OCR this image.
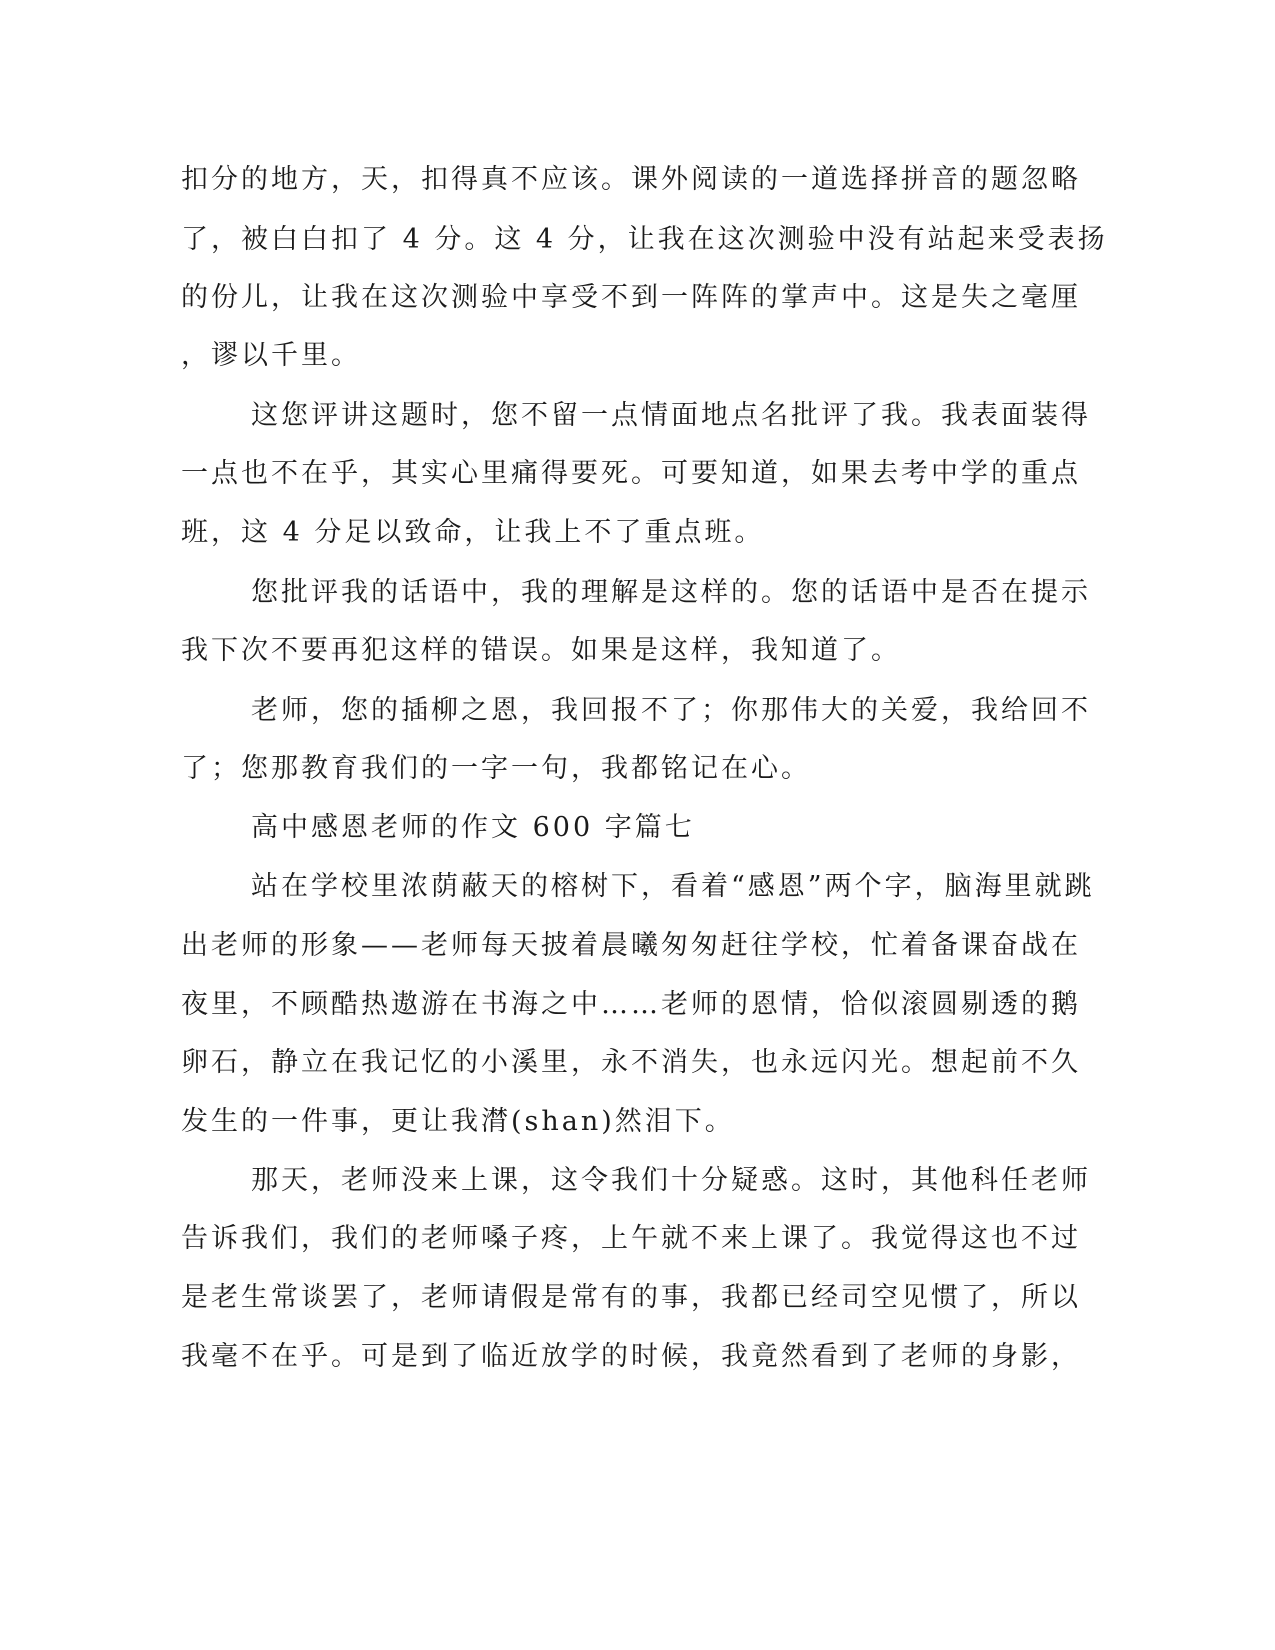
扣分的地方，天，扣得真不应该。课外阅读的一道选择拼音的题忽略
了，被白白扣了 4 分。这 4 分，让我在这次测验中没有站起来受表扬
的份儿，让我在这次测验中享受不到一阵阵的掌声中。这是失之毫厘
，谬以千里。
这您评讲这题时，您不留一点情面地点名批评了我。我表面装得
一点也不在乎，其实心里痛得要死。可要知道，如果去考中学的重点
班，这 4 分足以致命，让我上不了重点班。
您批评我的话语中，我的理解是这样的。您的话语中是否在提示
我下次不要再犯这样的错误。如果是这样，我知道了。
老师，您的插柳之恩，我回报不了；你那伟大的关爱，我给回不
了；您那教育我们的一字一句，我都铭记在心。
高中感恩老师的作文 600 字篇七
站在学校里浓荫蔽天的榕树下，看着“感恩”两个字，脑海里就跳
出老师的形象——老师每天披着晨曦匆匆赶往学校，忙着备课奋战在
夜里，不顾酷热遨游在书海之中……老师的恩情，恰似滚圆剔透的鹅
卵石，静立在我记忆的小溪里，永不消失，也永远闪光。想起前不久
发生的一件事，更让我潸(shan)然泪下。
那天，老师没来上课，这令我们十分疑惑。这时，其他科任老师
告诉我们，我们的老师嗓子疼，上午就不来上课了。我觉得这也不过
是老生常谈罢了，老师请假是常有的事，我都已经司空见惯了，所以
我毫不在乎。可是到了临近放学的时候，我竟然看到了老师的身影，
